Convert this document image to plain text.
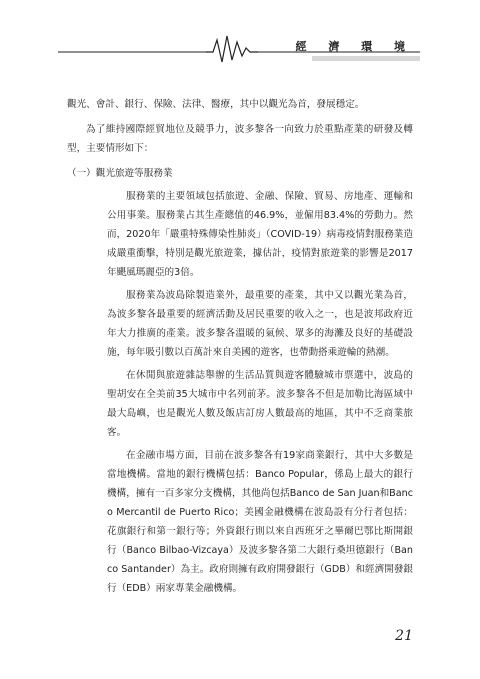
經 濟 環 境
觀光、會計、銀行、保險、法律、醫療，其中以觀光為首，發展穩定。
為了維持國際經貿地位及競爭力，波多黎各一向致力於重點產業的研發及轉型，主要情形如下：
（一）觀光旅遊等服務業
服務業的主要領域包括旅遊、金融、保險、貿易、房地產、運輸和公用事業。服務業占其生產總值的46.9%，並僱用83.4%的勞動力。然而，2020年「嚴重特殊傳染性肺炎」（COVID-19）病毒疫情對服務業造成嚴重衝擊，特別是觀光旅遊業，據估計，疫情對旅遊業的影響是2017年颶風瑪麗亞的3倍。
服務業為波島除製造業外，最重要的產業，其中又以觀光業為首，為波多黎各最重要的經濟活動及居民重要的收入之一，也是波邦政府近年大力推廣的產業。波多黎各溫暖的氣候、眾多的海灘及良好的基礎設施，每年吸引數以百萬計來自美國的遊客，也帶動搭乘遊輪的熱潮。
在休閒與旅遊雜誌舉辦的生活品質與遊客體驗城市票選中，波島的聖胡安在全美前35大城市中名列前茅。波多黎各不但是加勒比海區域中最大島嶼，也是觀光人數及飯店訂房人數最高的地區，其中不乏商業旅客。
在金融市場方面，目前在波多黎各有19家商業銀行，其中大多數是當地機構。當地的銀行機構包括：Banco Popular，係島上最大的銀行機構，擁有一百多家分支機構，其他尚包括Banco de San Juan和Banco Mercantil de Puerto Rico；美國金融機構在波島設有分行者包括：花旗銀行和第一銀行等；外資銀行則以來自西班牙之畢爾巴鄂比斯開銀行（Banco Bilbao-Vizcaya）及波多黎各第二大銀行桑坦德銀行（Banco Santander）為主。政府則擁有政府開發銀行（GDB）和經濟開發銀行（EDB）兩家專業金融機構。
21
